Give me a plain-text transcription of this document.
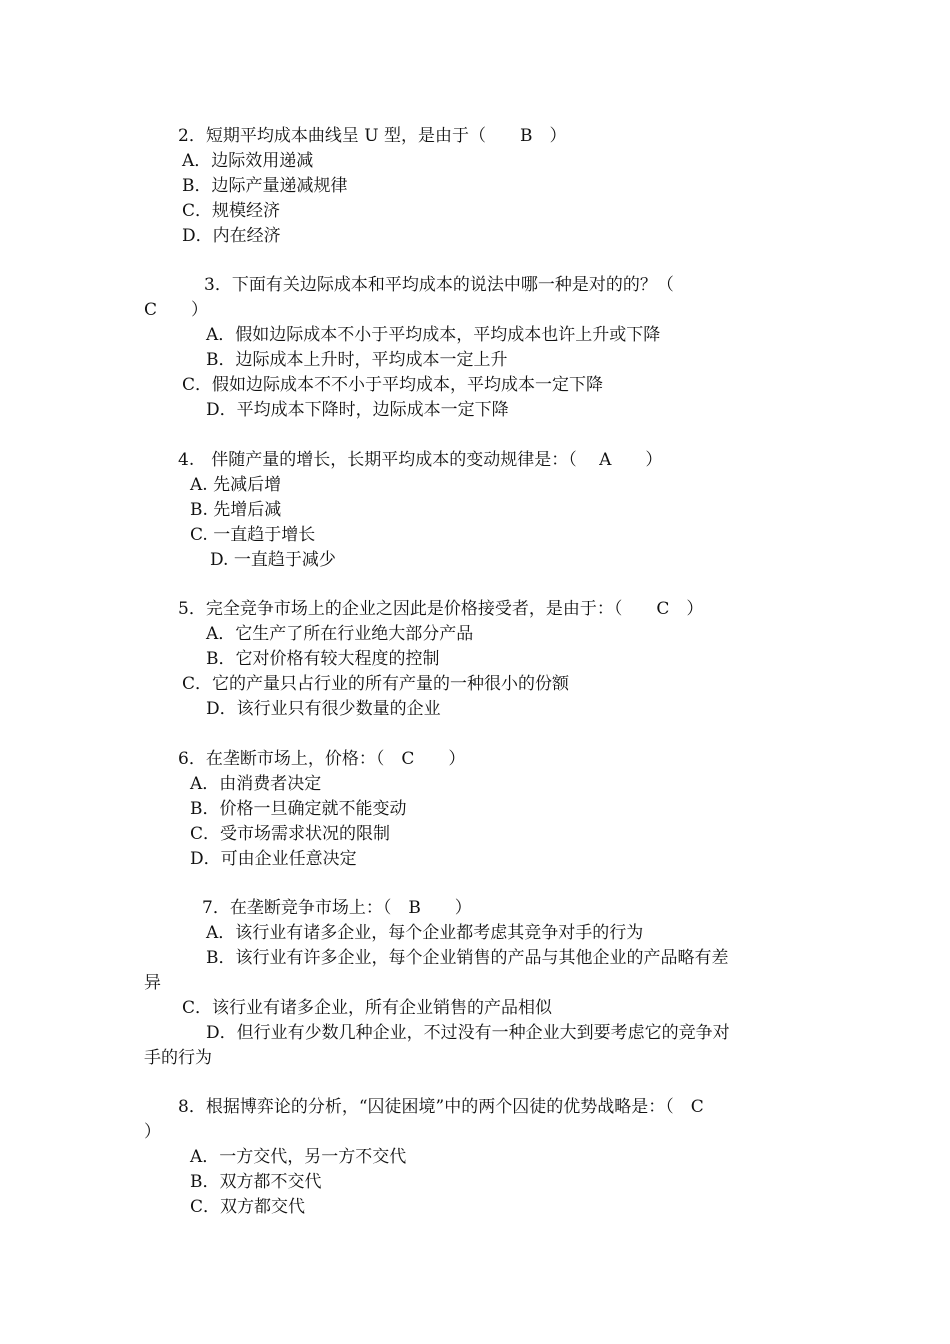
2．短期平均成本曲线呈 U 型，是由于（　　B　）
A．边际效用递减
B．边际产量递减规律
C．规模经济
D．内在经济
3．下面有关边际成本和平均成本的说法中哪一种是对的的？（
C　　）
A．假如边际成本不小于平均成本，平均成本也许上升或下降
B．边际成本上升时，平均成本一定上升
C．假如边际成本不不小于平均成本，平均成本一定下降
D．平均成本下降时，边际成本一定下降
4.　伴随产量的增长，长期平均成本的变动规律是：（　 A　　）
A. 先减后增
B. 先增后减
C. 一直趋于增长
D. 一直趋于减少
5．完全竞争市场上的企业之因此是价格接受者，是由于：（　　C　）
A．它生产了所在行业绝大部分产品
B．它对价格有较大程度的控制
C．它的产量只占行业的所有产量的一种很小的份额
D．该行业只有很少数量的企业
6．在垄断市场上，价格：（　C　　）
A．由消费者决定
B．价格一旦确定就不能变动
C．受市场需求状况的限制
D．可由企业任意决定
7．在垄断竞争市场上：（　B　　）
A．该行业有诸多企业，每个企业都考虑其竞争对手的行为
B．该行业有许多企业，每个企业销售的产品与其他企业的产品略有差
异
C．该行业有诸多企业，所有企业销售的产品相似
D．但行业有少数几种企业，不过没有一种企业大到要考虑它的竞争对
手的行为
8．根据博弈论的分析，“囚徒困境”中的两个囚徒的优势战略是：（　C
）
A．一方交代，另一方不交代
B．双方都不交代
C．双方都交代
